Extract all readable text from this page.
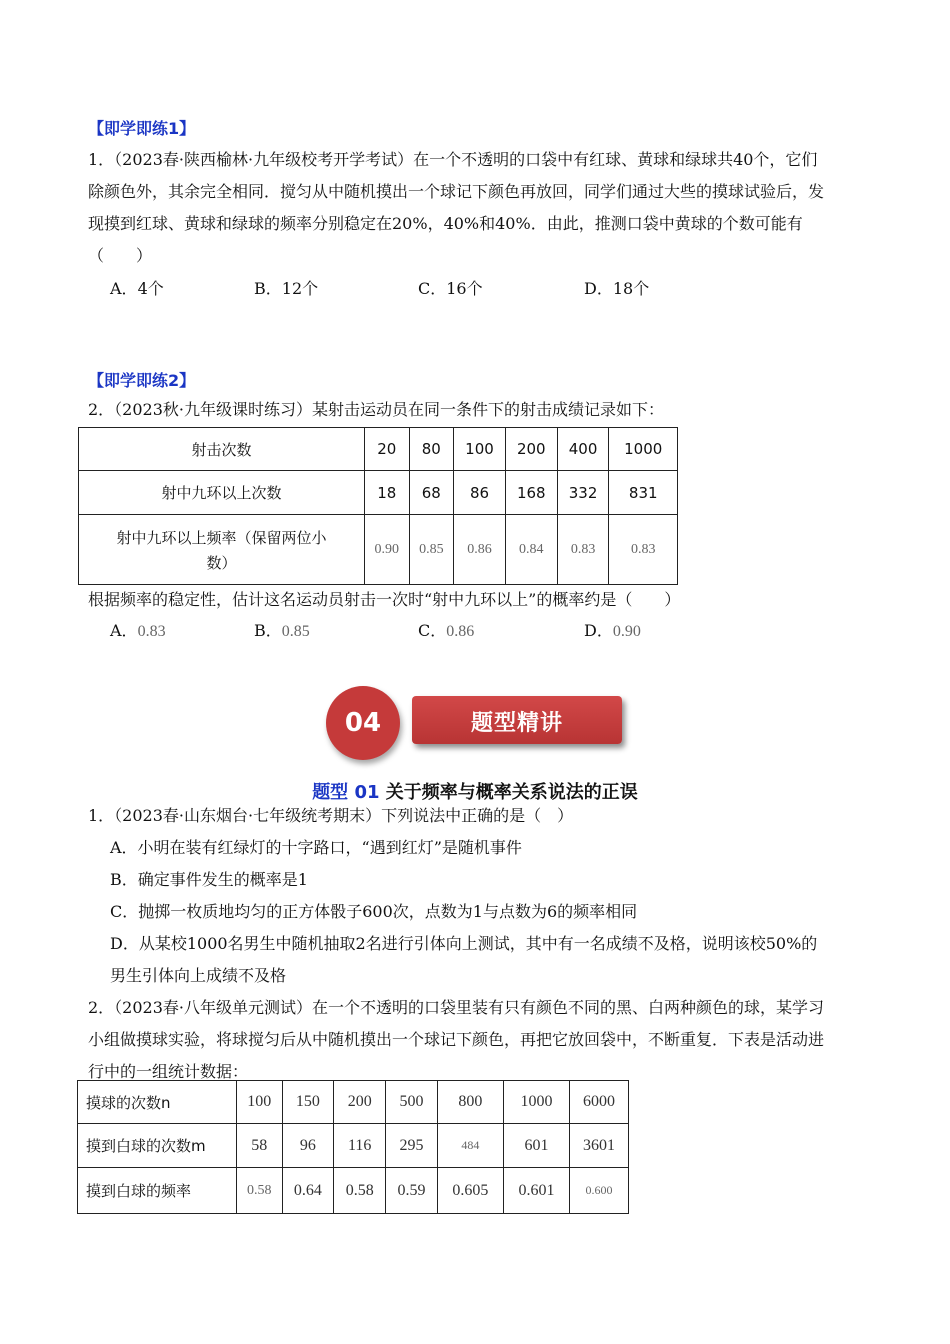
【即学即练1】
1．（2023春·陕西榆林·九年级校考开学考试）在一个不透明的口袋中有红球、黄球和绿球共40个，它们
除颜色外，其余完全相同．搅匀从中随机摸出一个球记下颜色再放回，同学们通过大些的摸球试验后，发
现摸到红球、黄球和绿球的频率分别稳定在20%，40%和40%．由此，推测口袋中黄球的个数可能有
（　　）
A．4个	B．12个	C．16个	D．18个
【即学即练2】
2．（2023秋·九年级课时练习）某射击运动员在同一条件下的射击成绩记录如下：
射击次数	20	80	100	200	400	1000
射中九环以上次数	18	68	86	168	332	831

射中九环以上频率（保留两位小
数）	0.90	0.85	0.86	0.84	0.83	0.83
根据频率的稳定性，估计这名运动员射击一次时“射中九环以上”的概率约是（　　）
A．0.83	B．0.85	C．0.86	D．0.90
题型精讲
04
题型 01 关于频率与概率关系说法的正误
1．（2023春·山东烟台·七年级统考期末）下列说法中正确的是（　）
A．小明在装有红绿灯的十字路口，“遇到红灯”是随机事件
B．确定事件发生的概率是1
C．抛掷一枚质地均匀的正方体骰子600次，点数为1与点数为6的频率相同
D．从某校1000名男生中随机抽取2名进行引体向上测试，其中有一名成绩不及格，说明该校50%的
男生引体向上成绩不及格
2．（2023春·八年级单元测试）在一个不透明的口袋里装有只有颜色不同的黑、白两种颜色的球，某学习
小组做摸球实验，将球搅匀后从中随机摸出一个球记下颜色，再把它放回袋中，不断重复．下表是活动进
行中的一组统计数据：
摸球的次数n	100	150	200	500	800	1000	6000
摸到白球的次数m	58	96	116	295	484	601	3601
摸到白球的频率	0.58	0.64	0.58	0.59	0.605	0.601	0.600
